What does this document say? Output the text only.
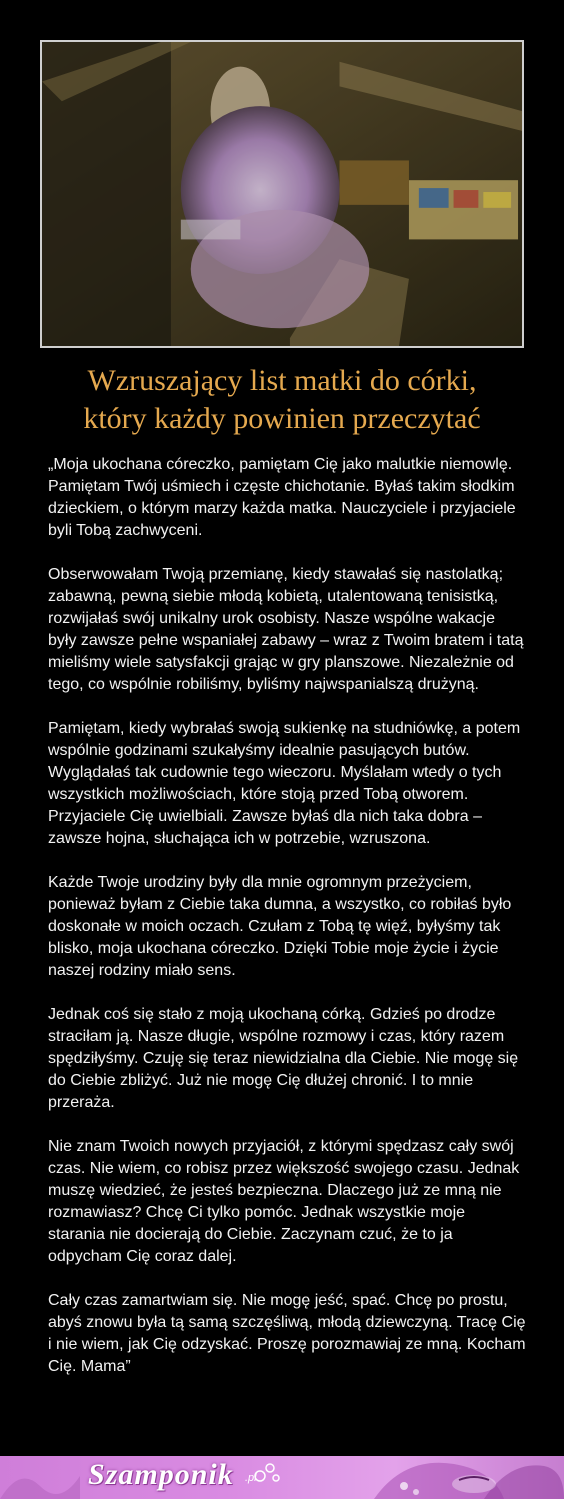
Wzruszający list matki do córki,
który każdy powinien przeczytać

„Moja ukochana córeczko, pamiętam Cię jako malutkie niemowlę. Pamiętam Twój uśmiech i częste chichotanie. Byłaś takim słodkim dzieckiem, o którym marzy każda matka. Nauczyciele i przyjaciele byli Tobą zachwyceni.

Obserwowałam Twoją przemianę, kiedy stawałaś się nastolatką; zabawną, pewną siebie młodą kobietą, utalentowaną tenisistką, rozwijałaś swój unikalny urok osobisty. Nasze wspólne wakacje były zawsze pełne wspaniałej zabawy – wraz z Twoim bratem i tatą mieliśmy wiele satysfakcji grając w gry planszowe. Niezależnie od tego, co wspólnie robiliśmy, byliśmy najwspanialszą drużyną.

Pamiętam, kiedy wybrałaś swoją sukienkę na studniówkę, a potem wspólnie godzinami szukałyśmy idealnie pasujących butów. Wyglądałaś tak cudownie tego wieczoru. Myślałam wtedy o tych wszystkich możliwościach, które stoją przed Tobą otworem. Przyjaciele Cię uwielbiali. Zawsze byłaś dla nich taka dobra – zawsze hojna, słuchająca ich w potrzebie, wzruszona.

Każde Twoje urodziny były dla mnie ogromnym przeżyciem, ponieważ byłam z Ciebie taka dumna, a wszystko, co robiłaś było doskonałe w moich oczach. Czułam z Tobą tę więź, byłyśmy tak blisko, moja ukochana córeczko. Dzięki Tobie moje życie i życie naszej rodziny miało sens.

Jednak coś się stało z moją ukochaną córką. Gdzieś po drodze straciłam ją. Nasze długie, wspólne rozmowy i czas, który razem spędziłyśmy. Czuję się teraz niewidzialna dla Ciebie. Nie mogę się do Ciebie zbliżyć. Już nie mogę Cię dłużej chronić. I to mnie przeraża.

Nie znam Twoich nowych przyjaciół, z którymi spędzasz cały swój czas. Nie wiem, co robisz przez większość swojego czasu. Jednak muszę wiedzieć, że jesteś bezpieczna. Dlaczego już ze mną nie rozmawiasz? Chcę Ci tylko pomóc. Jednak wszystkie moje starania nie docierają do Ciebie. Zaczynam czuć, że to ja odpycham Cię coraz dalej.

Cały czas zamartwiam się. Nie mogę jeść, spać. Chcę po prostu, abyś znowu była tą samą szczęśliwą, młodą dziewczyną. Tracę Cię i nie wiem, jak Cię odzyskać. Proszę porozmawiaj ze mną. Kocham Cię. Mama”

Szamponik .pl
